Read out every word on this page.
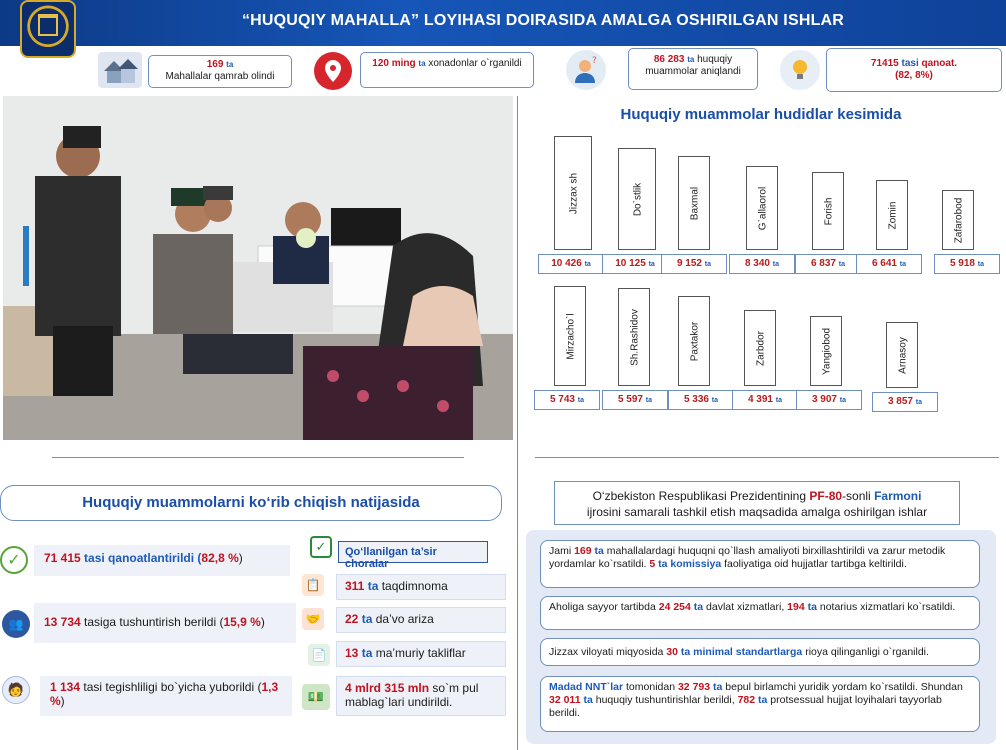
“HUQUQIY MAHALLA” LOYIHASI DOIRASIDA AMALGA OSHIRILGAN ISHLAR
169 ta
Mahallalar qamrab olindi
120 ming ta xonadonlar o`rganildi	?	86 283 ta huquqiy muammolar aniqlandi
71415 tasi qanoat.
(82, 8%)
Huquqiy muammolar hudidlar kesimida
Jizzax sh
10 426 ta
Do`stlik
10 125 ta
Baxmal
9 152 ta
G`allaorol
8 340 ta
Forish
6 837 ta
Zomin
6 641 ta
Zafarobod
5 918 ta
Mirzacho`l
5 743 ta
Sh.Rashidov
5 597 ta
Paxtakor
5 336 ta
Zarbdor
4 391 ta
Yangiobod
3 907 ta
Arnasoy
3 857 ta
Huquqiy muammolarni ko‘rib chiqish natijasida
✓	71 415 tasi qanoatlantirildi (82,8 %)
👥	13 734 tasiga tushuntirish berildi (15,9 %)
🧑	1 134 tasi tegishliligi bo`yicha yuborildi (1,3 %)
✓	Qo‘llanilgan ta’sir choralar
📋	311 ta taqdimnoma
🤝	22 ta da’vo ariza
📄	13 ta ma’muriy takliflar
💵
4 mlrd 315 mln so`m pul mablag`lari undirildi.
O‘zbekiston Respublikasi Prezidentining PF-80-sonli Farmoni
ijrosini samarali tashkil etish maqsadida amalga oshirilgan ishlar
Jami 169 ta mahallalardagi huquqni qo`llash amaliyoti birxillashtirildi va zarur metodik yordamlar ko`rsatildi. 5 ta komissiya faoliyatiga oid hujjatlar tartibga keltirildi.
Aholiga sayyor tartibda 24 254 ta davlat xizmatlari, 194 ta notarius xizmatlari ko`rsatildi.
Jizzax viloyati miqyosida 30 ta minimal standartlarga rioya qilinganligi o`rganildi.
Madad NNT`lar tomonidan 32 793 ta bepul birlamchi yuridik yordam ko`rsatildi. Shundan 32 011 ta huquqiy tushuntirishlar berildi, 782 ta protsessual hujjat loyihalari tayyorlab berildi.
